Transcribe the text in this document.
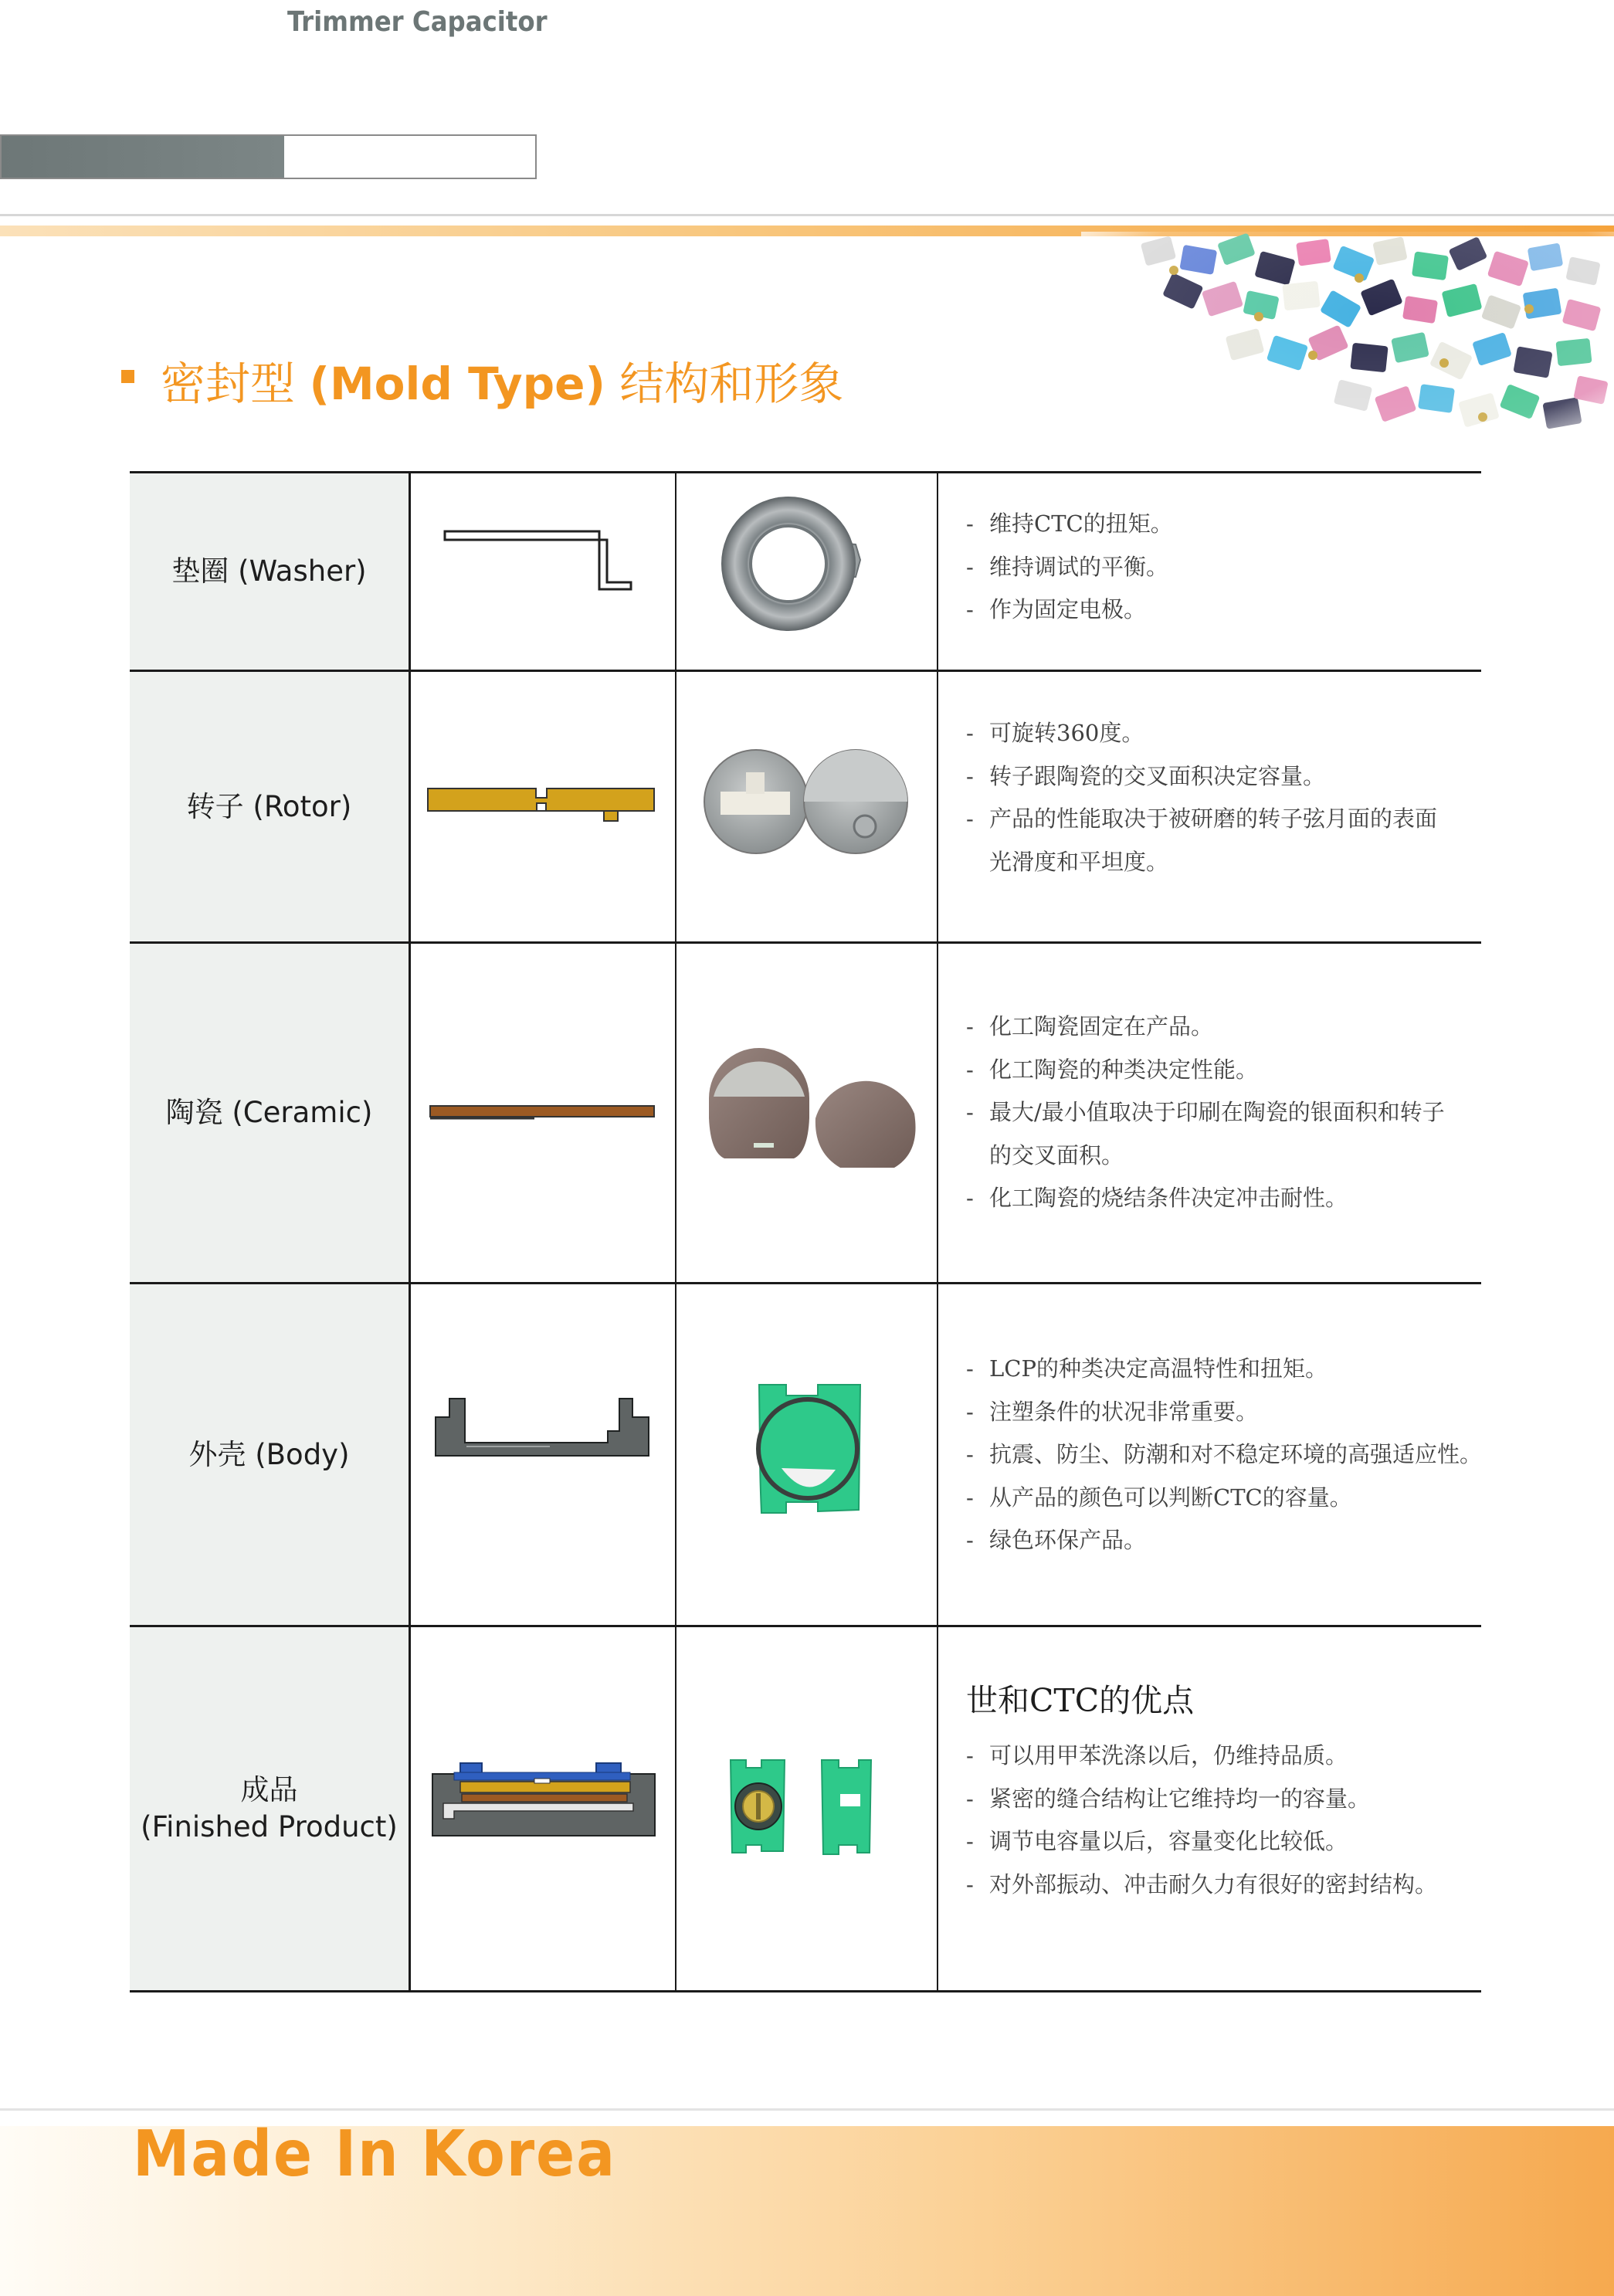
High Quility
Trimmer Capacitor
密封型 (Mold Type) 结构和形象
垫圈 (Washer)
- 维持CTC的扭矩。
- 维持调试的平衡。
- 作为固定电极。
转子 (Rotor)
- 可旋转360度。
- 转子跟陶瓷的交叉面积决定容量。
- 产品的性能取决于被研磨的转子弦月面的表面
光滑度和平坦度。
陶瓷 (Ceramic)
- 化工陶瓷固定在产品。
- 化工陶瓷的种类决定性能。
- 最大/最小值取决于印刷在陶瓷的银面积和转子
的交叉面积。
- 化工陶瓷的烧结条件决定冲击耐性。
外壳 (Body)
- LCP的种类决定高温特性和扭矩。
- 注塑条件的状况非常重要。
- 抗震、防尘、防潮和对不稳定环境的高强适应性。
- 从产品的颜色可以判断CTC的容量。
- 绿色环保产品。
成品
(Finished Product)
世和CTC的优点
- 可以用甲苯洗涤以后，仍维持品质。
- 紧密的缝合结构让它维持均一的容量。
- 调节电容量以后，容量变化比较低。
- 对外部振动、冲击耐久力有很好的密封结构。
Made In Korea
